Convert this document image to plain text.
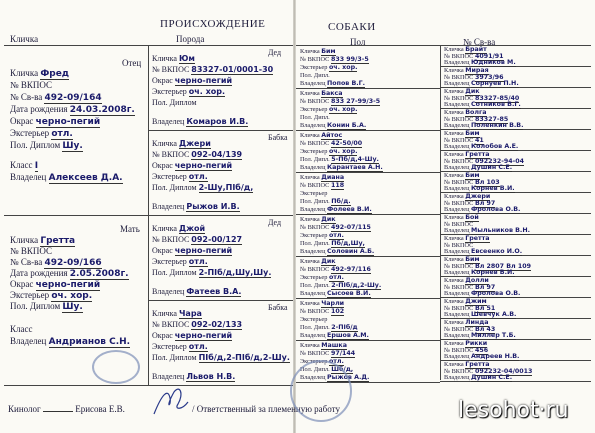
ПРОИСХОЖДЕНИЕ	СОБАКИ
Кличка	Порода	Пол	№ Св-ва
Отец
Кличка Фред
№ ВКПОС
№ Св-ва 492-09/164
Дата рождения 24.03.2008г.
Окрас черно-пегий
Экстерьер отл.
Пол. Диплом Шу.
Класс I
Владелец Алексеев Д.А.
Мать
Кличка Гретта
№ ВКПОС
№ Св-ва 492-09/166
Дата рождения 2.05.2008г.
Окрас черно-пегий
Экстерьер оч. хор.
Пол. Диплом Шу.
Класс
Владелец Андрианов С.Н.
Дед
Кличка Юм
№ ВКПОС 83327-01/0001-30
Окрас черно-пегий
Экстерьер оч. хор.
Пол. Диплом
Владелец Комаров И.В.
Бабка
Кличка Джери
№ ВКПОС 092-04/139
Окрас черно-пегий
Экстерьер отл.
Пол. Диплом 2-Шу,ПIб/д,
Владелец Рыжов И.В.
Дед
Кличка Джой
№ ВКПОС 092-00/127
Окрас черно-пегий
Экстерьер отл.
Пол. Диплом 2-ПIб/д,Шу,Шу.
Владелец Фатеев В.А.
Бабка
Кличка Чара
№ ВКПОС 092-02/133
Окрас черно-пегий
Экстерьер отл.
Пол. Диплом ПIб/д,2-ПIб/д,2-Шу.
Владелец Львов Н.В.
Кличка Бим
№ ВКПОС 833 99/3-5
Экстерьер оч. хор.
Пол. Дипл.
Владелец Попов В.Г.
Кличка Бакса
№ ВКПОС 833 27-99/3-5
Экстерьер оч. хор.
Пол. Дипл.
Владелец Конин Б.А.
Кличка Айтос
№ ВКПОС 42-50/00
Экстерьер оч. хор.
Пол. Дипл. 5-Пб/д,4-Шу.
Владелец Карантаев А.Н.
Кличка Диана
№ ВКПОС 118
Экстерьер
Пол. Дипл. Пб/д.
Владелец Фолеев В.И.
Кличка Дик
№ ВКПОС 492-07/115
Экстерьер отл.
Пол. Дипл. Пб/д,Шу,
Владелец Соловин А.Б.
Кличка Дик
№ ВКПОС 492-97/116
Экстерьер отл.
Пол. Дипл. 2-ПIб/д,2-Шу.
Владелец Сысоев В.И.
Кличка Чарли
№ ВКПОС 102
Экстерьер
Пол. Дипл. 2-ПIб/д
Владелец Ершов А.М.
Кличка Машка
№ ВКПОС 97/144
Экстерьер отл.
Пол. Дипл. Шб/д,
Владелец Рыжов А.Д.
Кличка Брайт
№ ВКПОС 4091/91
Владелец Юдников М.
Кличка Мирая
№ ВКПОС 3973/96
Владелец Сорнуев П.Н.
Кличка Дик
№ ВКПОС 83327-85/40
Владелец Сотников В.Г.
Кличка Волга
№ ВКПОС 83327-85
Владелец Поленкин В.В.
Кличка Бим
№ ВКПОС 41
Владелец Колобов А.Е.
Кличка Гретта
№ ВКПОС 092232-94-04
Владелец Душин С.Е.
Кличка Бим
№ ВКПОС Вл 103
Владелец Корнев В.И.
Кличка Джери
№ ВКПОС Вл 97
Владелец Фролова О.В.
Кличка Бой
№ ВКПОС
Владелец Мыльников В.Н.
Кличка Гретта
№ ВКПОС
Владелец Евсеенко И.О.
Кличка Бим
№ ВКПОС Вл 2807 Вл 109
Владелец Корнев В.И.
Кличка Долли
№ ВКПОС Вл 97
Владелец Фролова О.В.
Кличка Джим
№ ВКПОС Вл 51
Владелец Шевчук А.В.
Кличка Линда
№ ВКПОС Вл 43
Владелец Миллер Т.Б.
Кличка Рикки
№ ВКПОС 456
Владелец Андреев Н.В.
Кличка Гретта
№ ВКПОС 092232-04/0013
Владелец Душин С.Е.
Кинолог	Ерисова Е.В.	/ Ответственный за племенную работу	lesohot·ru
